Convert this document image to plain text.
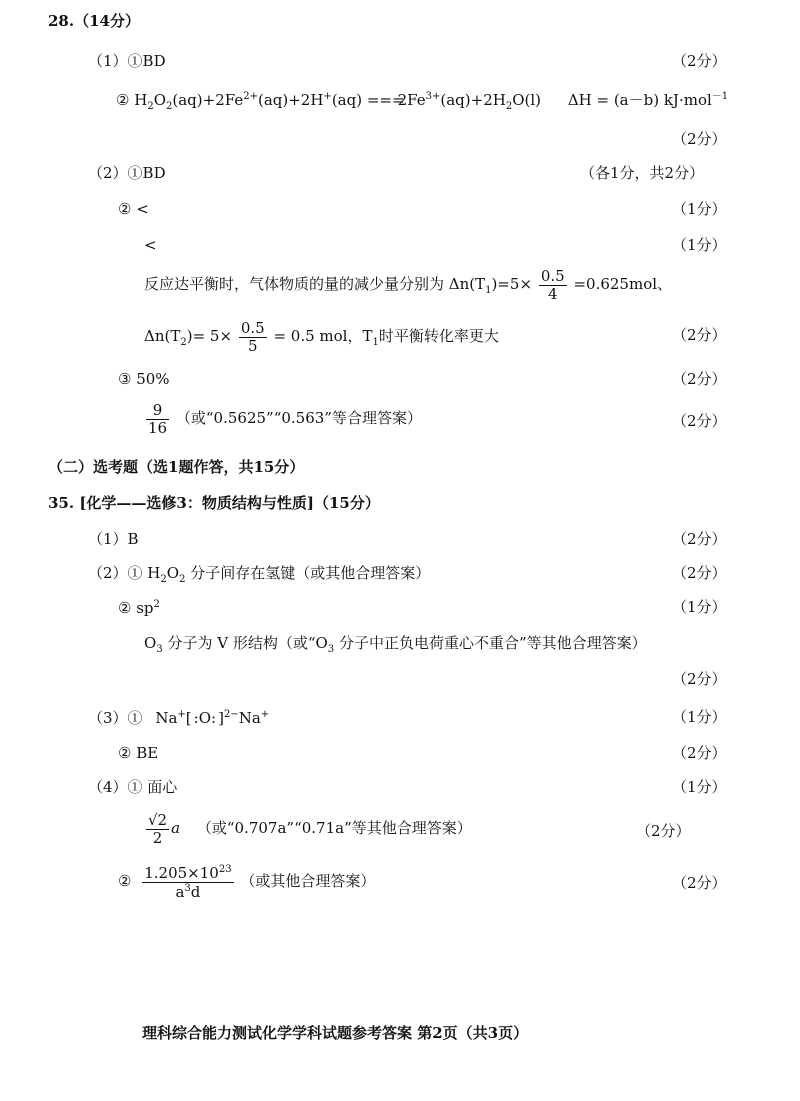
28.（14分）
（1）①BD	（2分）
② $H_2O_2(aq)+2Fe^{2+}(aq)+2H^+(aq)$ === $2Fe^{3+}(aq)+2H_2O(l) \Delta H = (a-b)$ kJ·mol$^{-1}$
（2分）
（2）①BD	（各1分，共2分）
② <	（1分）
<	（1分）
反应达平衡时，气体物质的量的减少量分别为 $\Delta n(T_1)=5\times \frac{0.5}{4} =0.625mol$、
$\Delta n(T_2)= 5\times \frac{0.5}{5} = 0.5$ mol，$T_1$时平衡转化率更大	（2分）
③ 50%	（2分）
$\frac{9}{16}$ （或“0.5625”“0.563”等合理答案）	（2分）
（二）选考题（选1题作答，共15分）
35. [化学——选修3：物质结构与性质]（15分）
（1）B	（2分）
（2）① $H_2O_2$ 分子间存在氢键（或其他合理答案）	（2分）
② $sp^2$	（1分）
$O_3$ 分子为 V 形结构（或“$O_3$ 分子中正负电荷重心不重合”等其他合理答案）
（2分）
（3）① Na+[ :O: ]$^{2-}$Na+	（1分）
② BE	（2分）
（4）① 面心	（1分）
$\frac{√2}{2}$ a （或“0.707a”“0.71a”等其他合理答案）	（2分）
② $\frac{1.205\times 10^{23}}{a^3d}$ （或其他合理答案）	（2分）
理科综合能力测试化学学科试题参考答案 第2页（共3页）
